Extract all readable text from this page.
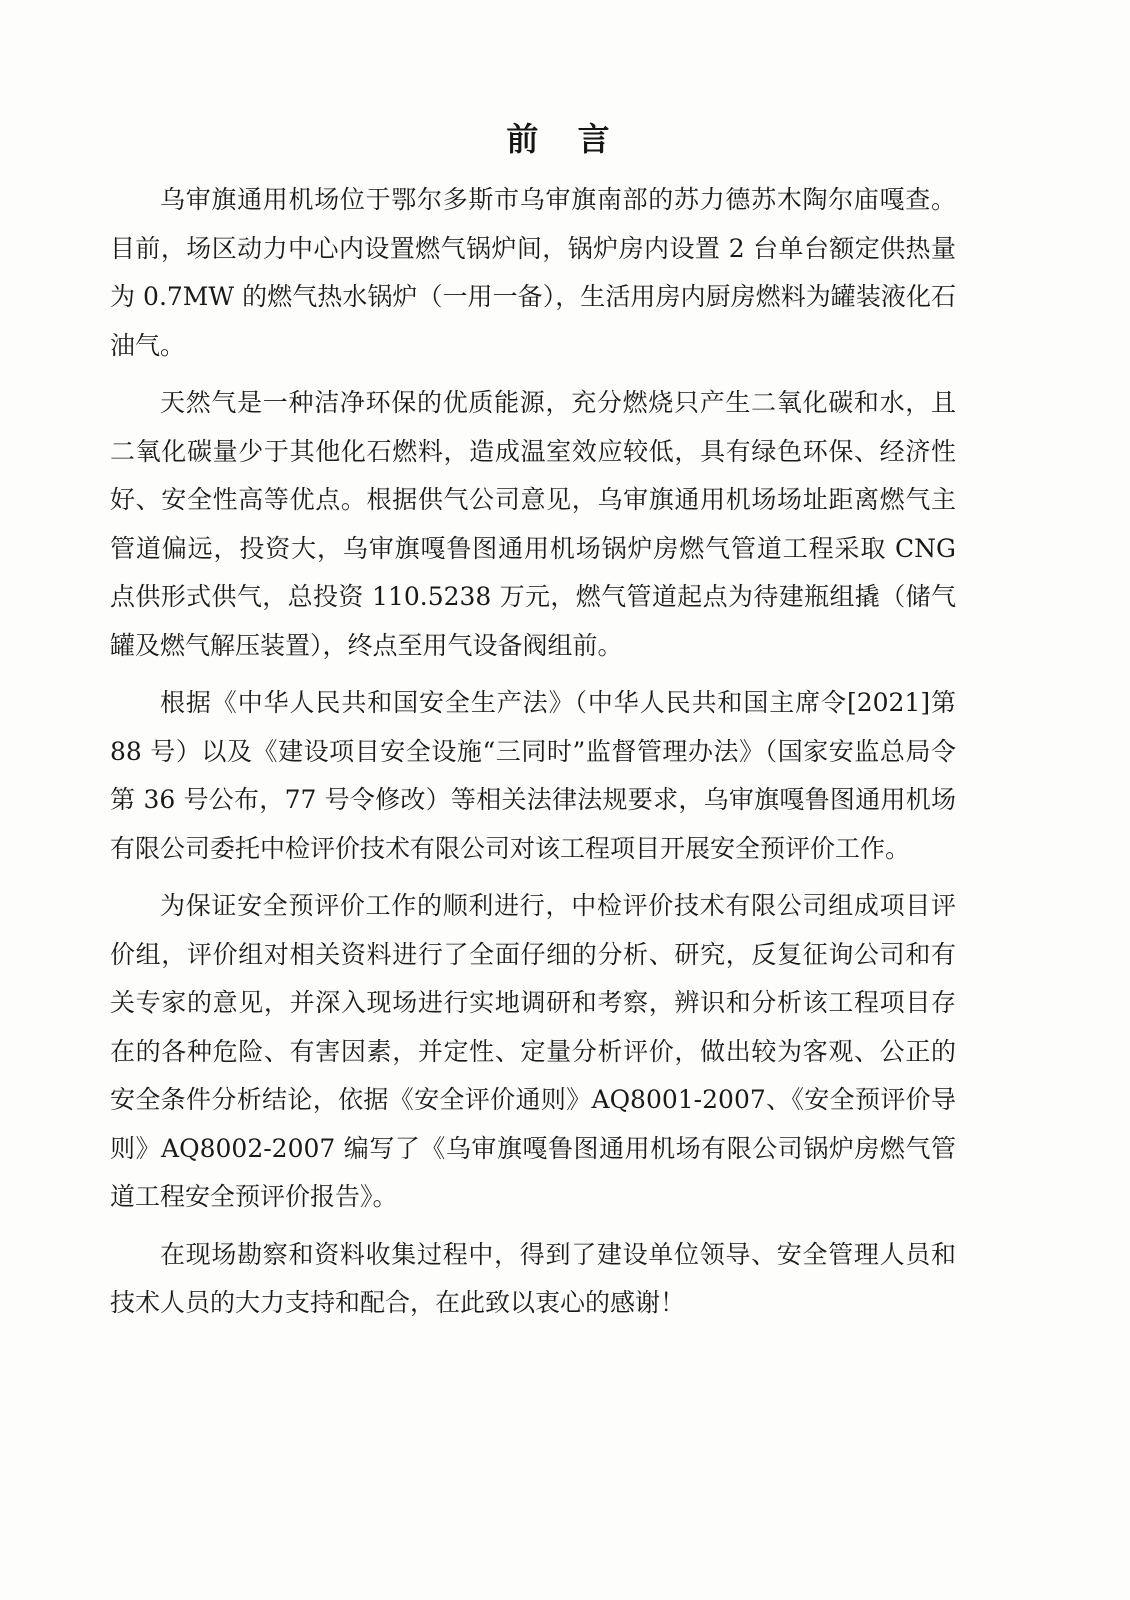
前 言

乌审旗通用机场位于鄂尔多斯市乌审旗南部的苏力德苏木陶尔庙嘎查。目前，场区动力中心内设置燃气锅炉间，锅炉房内设置 2 台单台额定供热量为 0.7MW 的燃气热水锅炉（一用一备），生活用房内厨房燃料为罐装液化石油气。

天然气是一种洁净环保的优质能源，充分燃烧只产生二氧化碳和水，且二氧化碳量少于其他化石燃料，造成温室效应较低，具有绿色环保、经济性好、安全性高等优点。根据供气公司意见，乌审旗通用机场场址距离燃气主管道偏远，投资大，乌审旗嘎鲁图通用机场锅炉房燃气管道工程采取 CNG 点供形式供气，总投资 110.5238 万元，燃气管道起点为待建瓶组撬（储气罐及燃气解压装置），终点至用气设备阀组前。

根据《中华人民共和国安全生产法》（中华人民共和国主席令[2021]第 88 号）以及《建设项目安全设施“三同时”监督管理办法》（国家安监总局令第 36 号公布，77 号令修改）等相关法律法规要求，乌审旗嘎鲁图通用机场有限公司委托中检评价技术有限公司对该工程项目开展安全预评价工作。

为保证安全预评价工作的顺利进行，中检评价技术有限公司组成项目评价组，评价组对相关资料进行了全面仔细的分析、研究，反复征询公司和有关专家的意见，并深入现场进行实地调研和考察，辨识和分析该工程项目存在的各种危险、有害因素，并定性、定量分析评价，做出较为客观、公正的安全条件分析结论，依据《安全评价通则》AQ8001-2007、《安全预评价导则》AQ8002-2007 编写了《乌审旗嘎鲁图通用机场有限公司锅炉房燃气管道工程安全预评价报告》。

在现场勘察和资料收集过程中，得到了建设单位领导、安全管理人员和技术人员的大力支持和配合，在此致以衷心的感谢！
